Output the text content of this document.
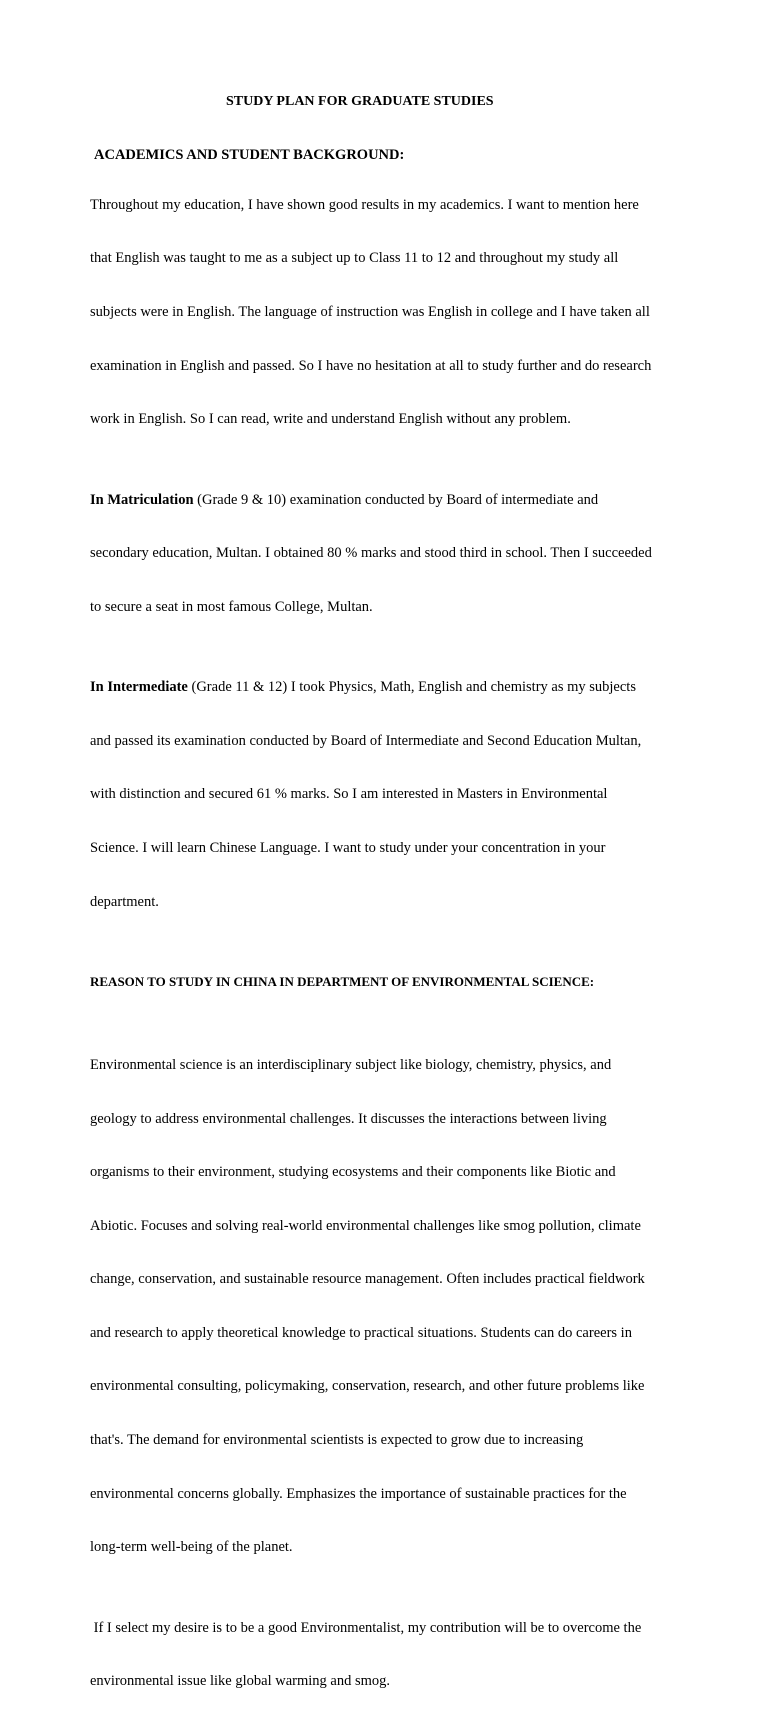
STUDY PLAN FOR GRADUATE STUDIES

ACADEMICS AND STUDENT BACKGROUND:

Throughout my education, I have shown good results in my academics. I want to mention here

that English was taught to me as a subject up to Class 11 to 12 and throughout my study all

subjects were in English. The language of instruction was English in college and I have taken all

examination in English and passed. So I have no hesitation at all to study further and do research

work in English. So I can read, write and understand English without any problem.

In Matriculation (Grade 9 & 10) examination conducted by Board of intermediate and

secondary education, Multan. I obtained 80 % marks and stood third in school. Then I succeeded

to secure a seat in most famous College, Multan.

In Intermediate (Grade 11 & 12) I took Physics, Math, English and chemistry as my subjects

and passed its examination conducted by Board of Intermediate and Second Education Multan,

with distinction and secured 61 % marks. So I am interested in Masters in Environmental

Science. I will learn Chinese Language. I want to study under your concentration in your

department.

REASON TO STUDY IN CHINA IN DEPARTMENT OF ENVIRONMENTAL SCIENCE:

Environmental science is an interdisciplinary subject like biology, chemistry, physics, and

geology to address environmental challenges. It discusses the interactions between living

organisms to their environment, studying ecosystems and their components like Biotic and

Abiotic. Focuses and solving real-world environmental challenges like smog pollution, climate

change, conservation, and sustainable resource management. Often includes practical fieldwork

and research to apply theoretical knowledge to practical situations. Students can do careers in

environmental consulting, policymaking, conservation, research, and other future problems like

that's. The demand for environmental scientists is expected to grow due to increasing

environmental concerns globally. Emphasizes the importance of sustainable practices for the

long-term well-being of the planet.

If I select my desire is to be a good Environmentalist, my contribution will be to overcome the

environmental issue like global warming and smog.
